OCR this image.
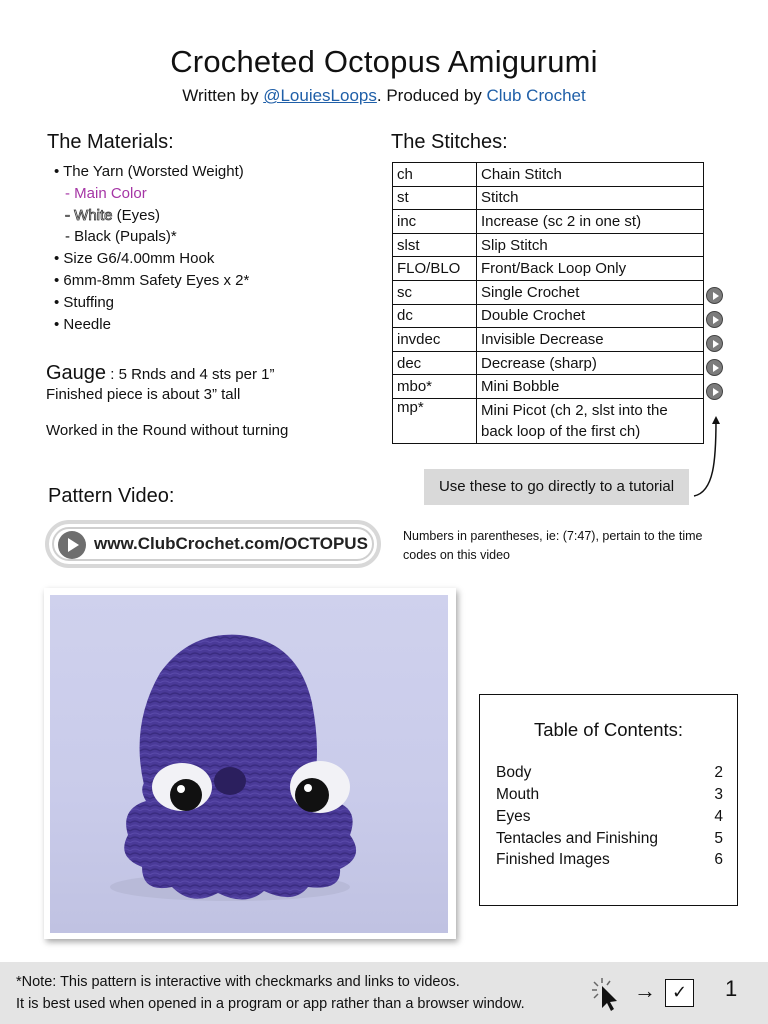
Crocheted Octopus Amigurumi
Written by @LouiesLoops. Produced by Club Crochet
The Materials:
• The Yarn (Worsted Weight)
- Main Color
- White (Eyes)
- Black (Pupals)*
• Size G6/4.00mm Hook
• 6mm-8mm Safety Eyes x 2*
• Stuffing
• Needle
Gauge : 5 Rnds and 4 sts per 1”
Finished piece is about 3” tall
Worked in the Round without turning
The Stitches:
ch	Chain Stitch
st	Stitch
inc	Increase (sc 2 in one st)
slst	Slip Stitch
FLO/BLO	Front/Back Loop Only
sc	Single Crochet
dc	Double Crochet
invdec	Invisible Decrease
dec	Decrease (sharp)
mbo*	Mini Bobble
mp*	Mini Picot (ch 2, slst into the back loop of the first ch)
Use these to go directly to a tutorial
Pattern Video:
www.ClubCrochet.com/OCTOPUS	Numbers in parentheses, ie: (7:47), pertain to the time codes on this video
Table of Contents:
Body	2
Mouth	3
Eyes	4
Tentacles and Finishing	5
Finished Images	6
*Note: This pattern is interactive with checkmarks and links to videos.
It is best used when opened in a program or app rather than a browser window.
→ ✓	1
